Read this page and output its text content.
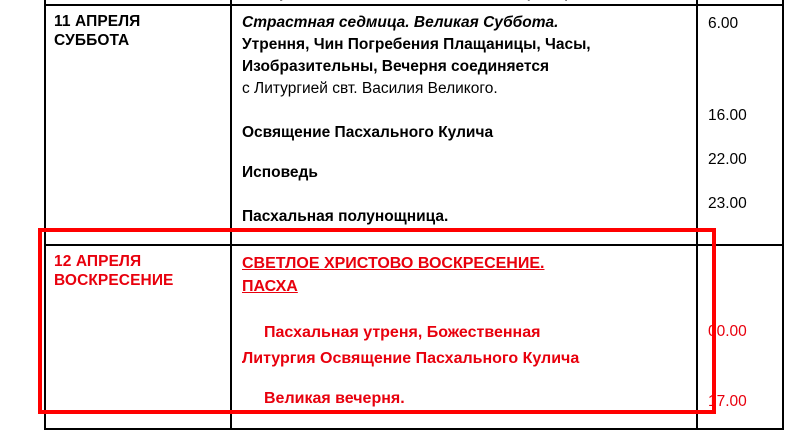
11 АПРЕЛЯ
СУББОТА
Страстная седмица. Великая Суббота.
Утрення, Чин Погребения Плащаницы, Часы,
Изобразительны, Вечерня соединяется
с Литургией свт. Василия Великого.
Освящение Пасхального Кулича
Исповедь
Пасхальная полунощница.
6.00
16.00
22.00
23.00
12 АПРЕЛЯ
ВОСКРЕСЕНИЕ
СВЕТЛОЕ ХРИСТОВО ВОСКРЕСЕНИЕ.
ПАСХА
Пасхальная утреня, Божественная
Литургия Освящение Пасхального Кулича
Великая вечерня.
00.00
17.00
